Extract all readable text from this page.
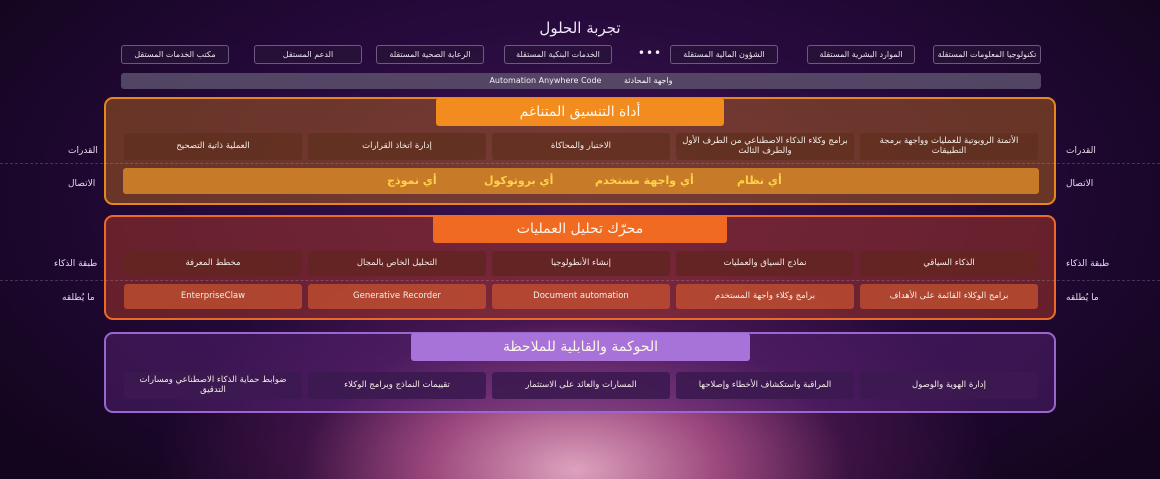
تجربة الحلول
تكنولوجيا المعلومات المستقلة
الموارد البشرية المستقلة
الشؤون المالية المستقلة
•••
الخدمات البنكية المستقلة
الرعاية الصحية المستقلة
الدعم المستقل
مكتب الخدمات المستقل
Automation Anywhere Code	واجهة المحادثة
أداة التنسيق المتناغم
محرّك تحليل العمليات
الحوكمة والقابلية للملاحظة
القدرات	القدرات
الاتصال	الاتصال
طبقة الذكاء	طبقة الذكاء
ما يُطلقه	ما يُطلقه
الأتمتة الروبوتية للعمليات وواجهة برمجة التطبيقات
برامج وكلاء الذكاء الاصطناعي من الطرف الأول والطرف الثالث
الاختبار والمحاكاة
إدارة اتخاذ القرارات
العملية ذاتية التصحيح
أي نظام
أي واجهة مستخدم
أي بروتوكول
أي نموذج
الذكاء السياقي
نماذج السياق والعمليات
إنشاء الأنطولوجيا
التحليل الخاص بالمجال
مخطط المعرفة
برامج الوكلاء القائمة على الأهداف
برامج وكلاء واجهة المستخدم
Document automation
Generative Recorder
EnterpriseClaw
إدارة الهوية والوصول
المراقبة واستكشاف الأخطاء وإصلاحها
المسارات والعائد على الاستثمار
تقييمات النماذج وبرامج الوكلاء
ضوابط حماية الذكاء الاصطناعي ومسارات التدقيق
